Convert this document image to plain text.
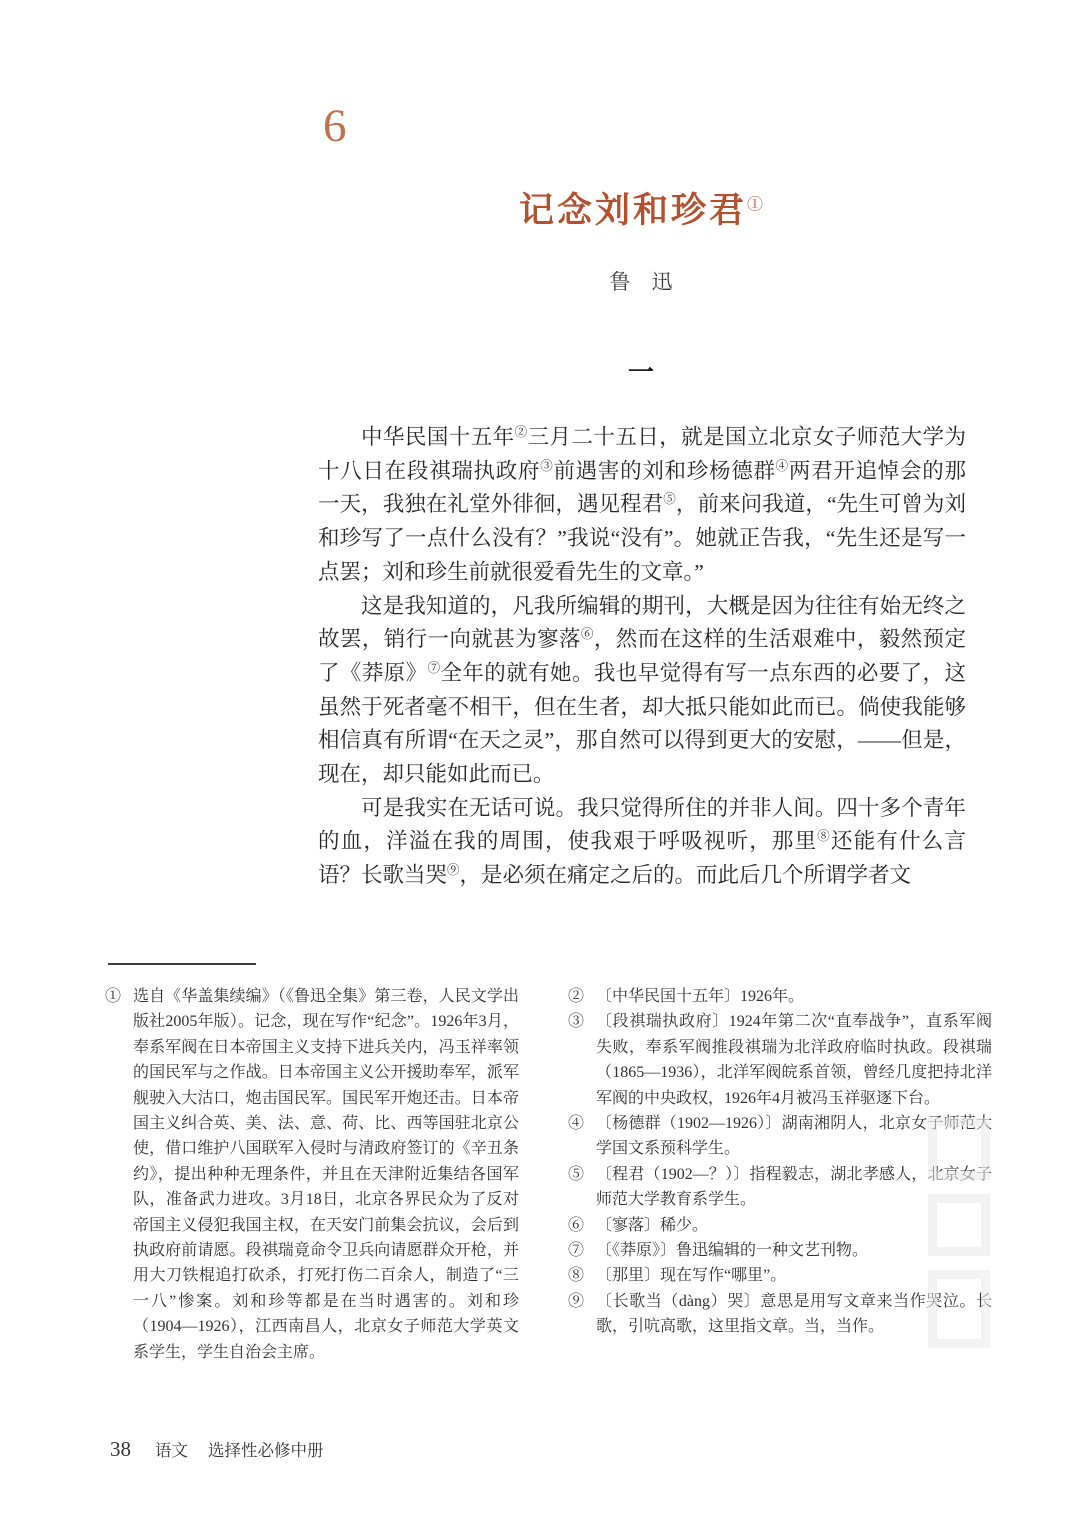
6
记念刘和珍君①
鲁　迅
一

中华民国十五年②三月二十五日，就是国立北京女子师范大学为十八日在段祺瑞执政府③前遇害的刘和珍杨德群④两君开追悼会的那一天，我独在礼堂外徘徊，遇见程君⑤，前来问我道，“先生可曾为刘和珍写了一点什么没有？”我说“没有”。她就正告我，“先生还是写一点罢；刘和珍生前就很爱看先生的文章。”

这是我知道的，凡我所编辑的期刊，大概是因为往往有始无终之故罢，销行一向就甚为寥落⑥，然而在这样的生活艰难中，毅然预定了《莽原》⑦全年的就有她。我也早觉得有写一点东西的必要了，这虽然于死者毫不相干，但在生者，却大抵只能如此而已。倘使我能够相信真有所谓“在天之灵”，那自然可以得到更大的安慰，——但是，现在，却只能如此而已。

可是我实在无话可说。我只觉得所住的并非人间。四十多个青年的血，洋溢在我的周围，使我艰于呼吸视听，那里⑧还能有什么言语？长歌当哭⑨，是必须在痛定之后的。而此后几个所谓学者文

① 选自《华盖集续编》（《鲁迅全集》第三卷，人民文学出版社2005年版）。记念，现在写作“纪念”。1926年3月，奉系军阀在日本帝国主义支持下进兵关内，冯玉祥率领的国民军与之作战。日本帝国主义公开援助奉军，派军舰驶入大沽口，炮击国民军。国民军开炮还击。日本帝国主义纠合英、美、法、意、荷、比、西等国驻北京公使，借口维护八国联军入侵时与清政府签订的《辛丑条约》，提出种种无理条件，并且在天津附近集结各国军队，准备武力进攻。3月18日，北京各界民众为了反对帝国主义侵犯我国主权，在天安门前集会抗议，会后到执政府前请愿。段祺瑞竟命令卫兵向请愿群众开枪，并用大刀铁棍追打砍杀，打死打伤二百余人，制造了“三一八”惨案。刘和珍等都是在当时遇害的。刘和珍（1904—1926），江西南昌人，北京女子师范大学英文系学生，学生自治会主席。
② 〔中华民国十五年〕1926年。
③ 〔段祺瑞执政府〕1924年第二次“直奉战争”，直系军阀失败，奉系军阀推段祺瑞为北洋政府临时执政。段祺瑞（1865—1936），北洋军阀皖系首领，曾经几度把持北洋军阀的中央政权，1926年4月被冯玉祥驱逐下台。
④ 〔杨德群（1902—1926）〕湖南湘阴人，北京女子师范大学国文系预科学生。
⑤ 〔程君（1902—？）〕指程毅志，湖北孝感人，北京女子师范大学教育系学生。
⑥ 〔寥落〕稀少。
⑦ 〔《莽原》〕鲁迅编辑的一种文艺刊物。
⑧ 〔那里〕现在写作“哪里”。
⑨ 〔长歌当（dàng）哭〕意思是用写文章来当作哭泣。长歌，引吭高歌，这里指文章。当，当作。
38 语文 选择性必修中册
